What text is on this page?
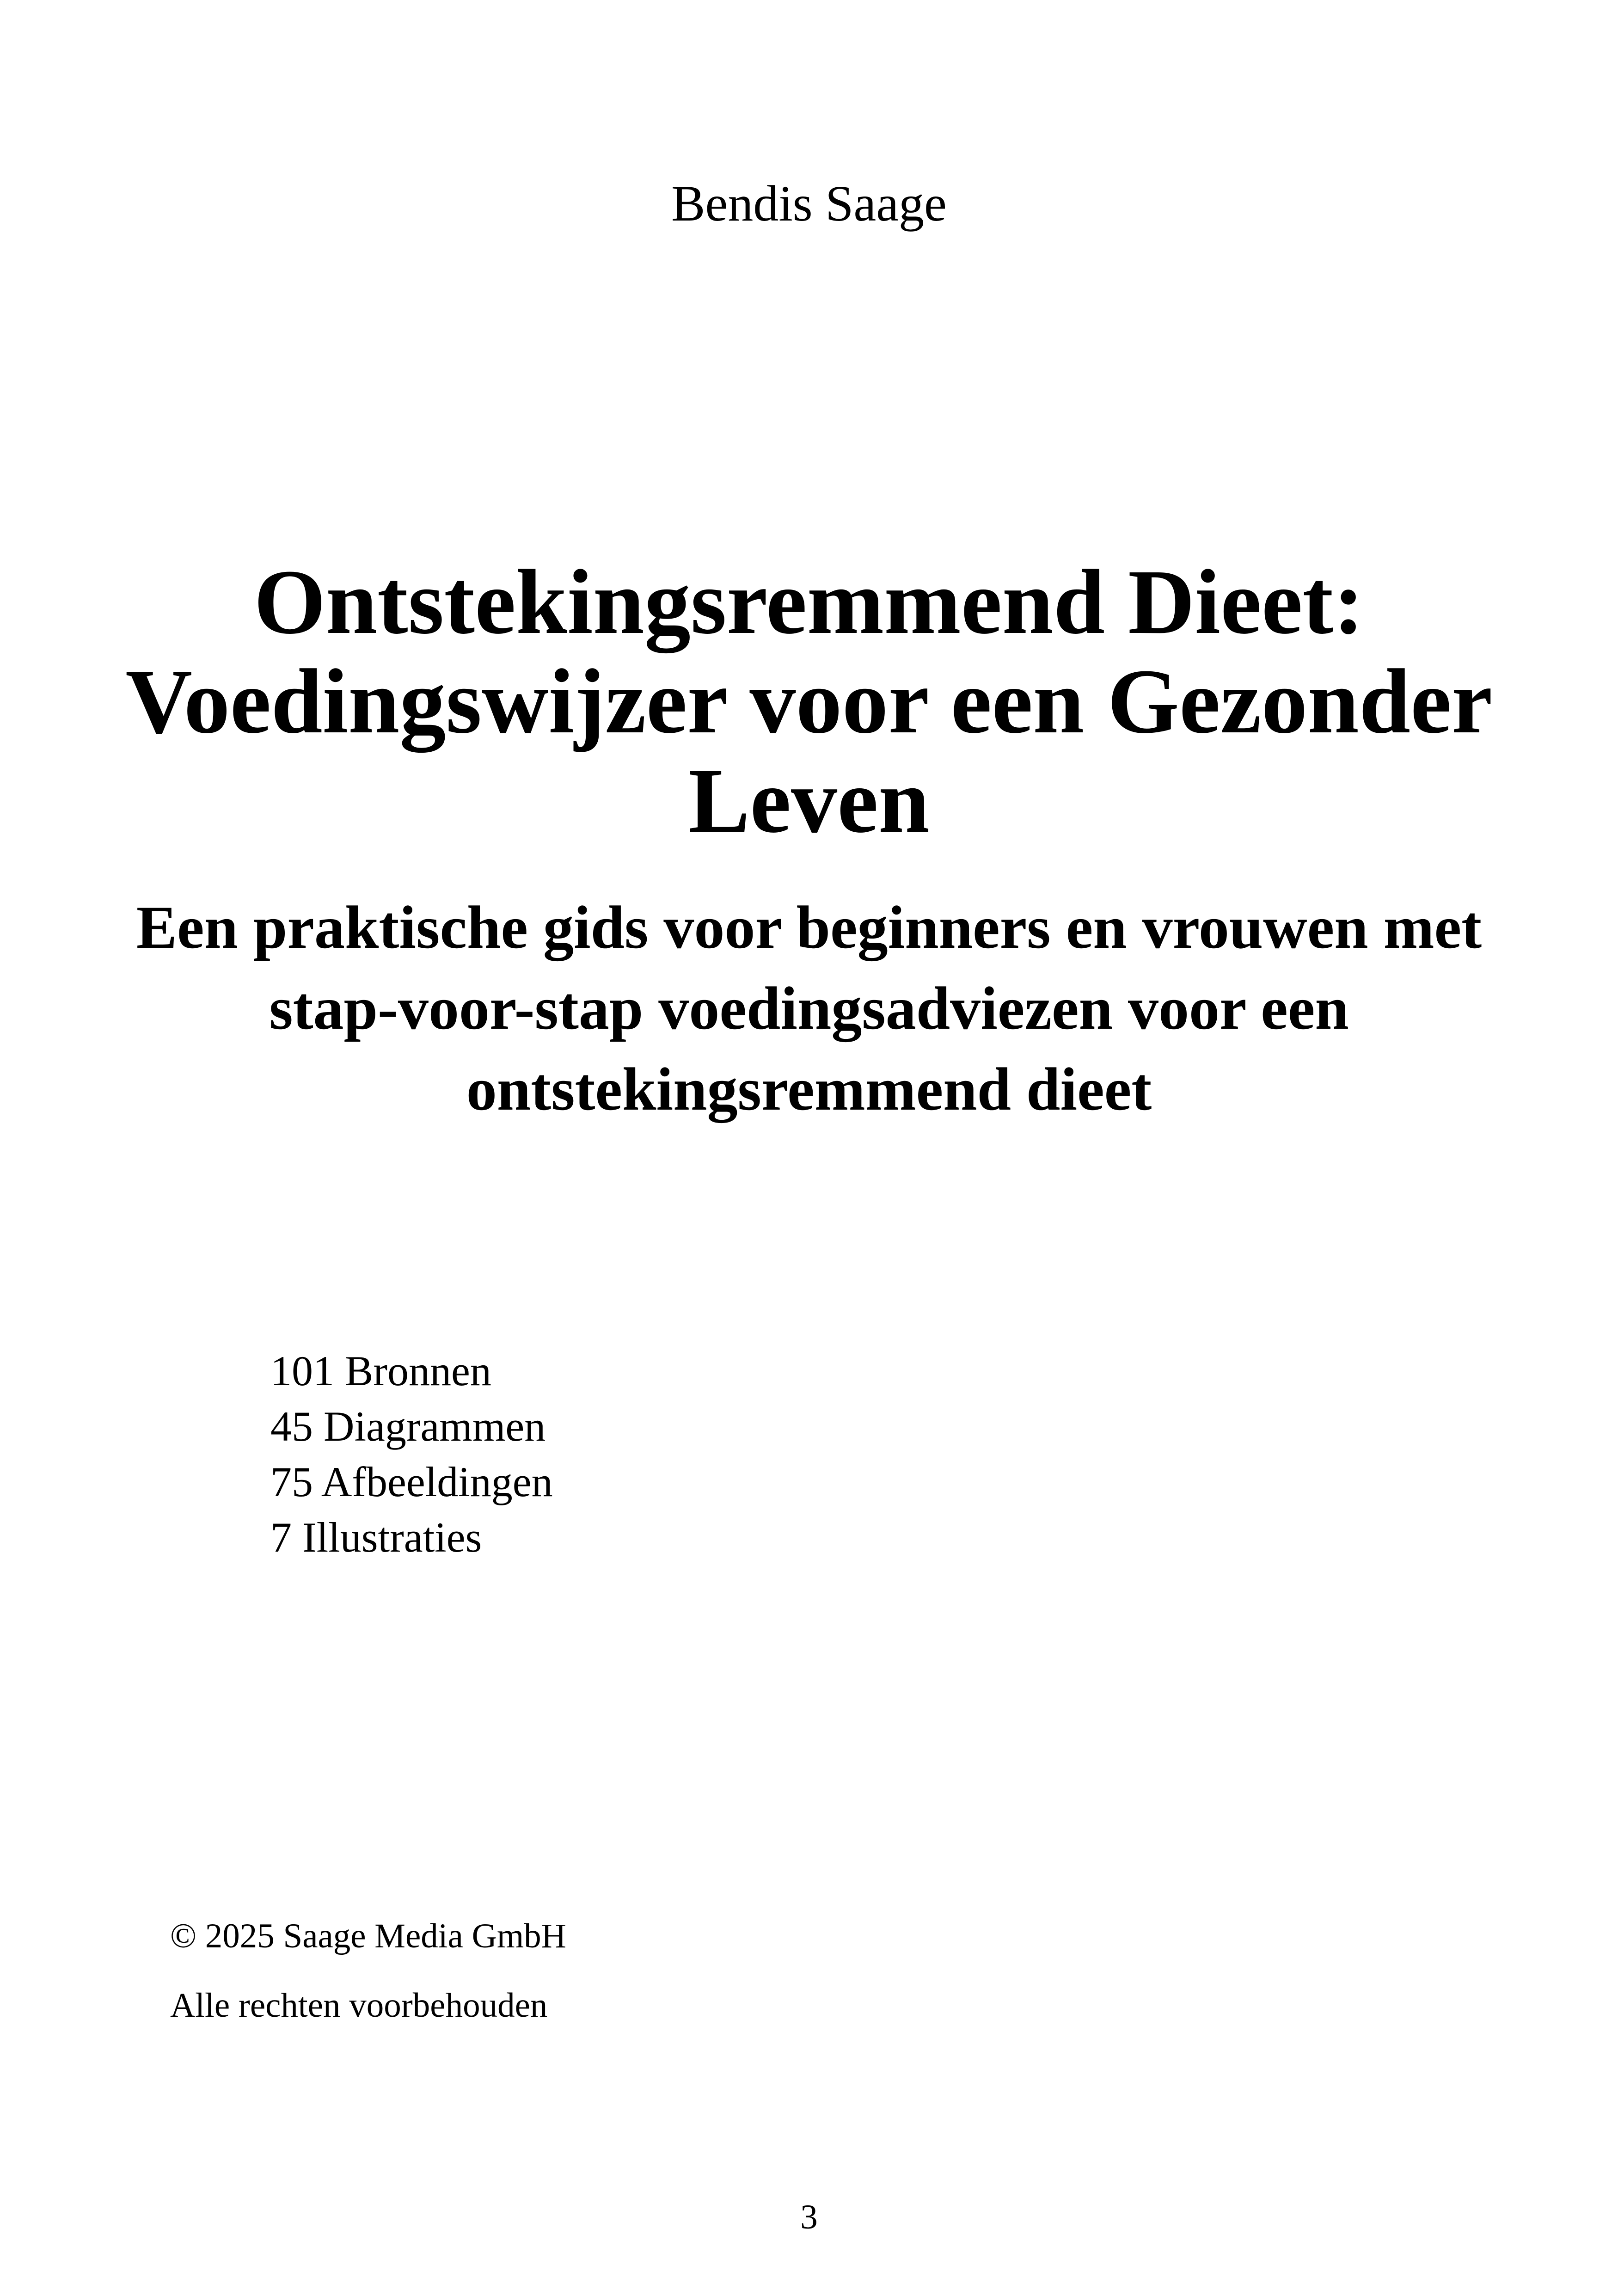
Bendis Saage
Ontstekingsremmend Dieet: Voedingswijzer voor een Gezonder Leven
Een praktische gids voor beginners en vrouwen met stap-voor-stap voedingsadviezen voor een ontstekingsremmend dieet
101 Bronnen
45 Diagrammen
75 Afbeeldingen
7 Illustraties
© 2025 Saage Media GmbH
Alle rechten voorbehouden
3
